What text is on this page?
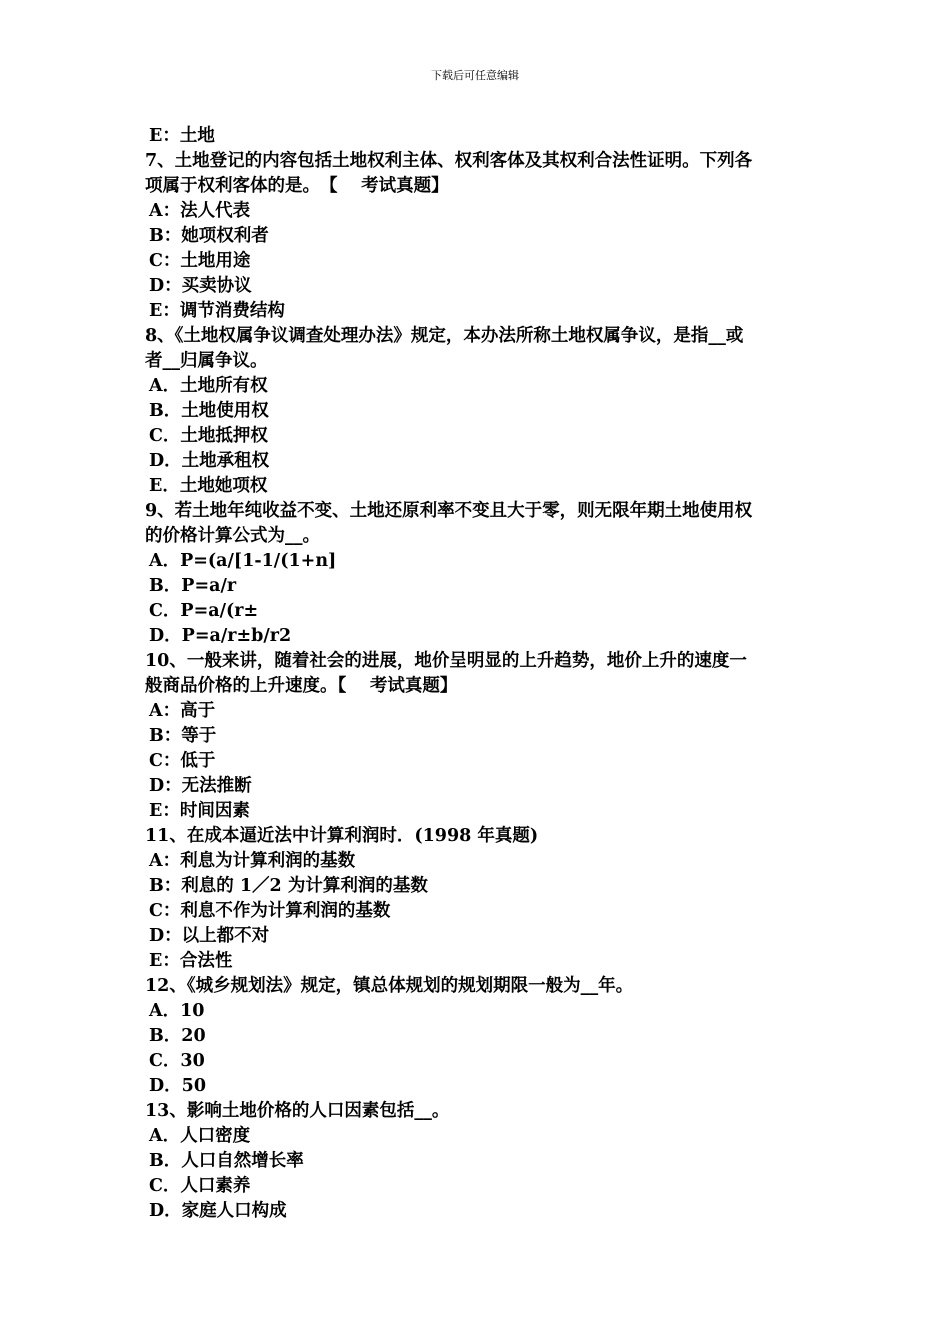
下载后可任意编辑
E：土地
7、土地登记的内容包括土地权利主体、权利客体及其权利合法性证明。下列各
项属于权利客体的是。　【　 考试真题】
A：法人代表
B：她项权利者
C：土地用途
D：买卖协议
E：调节消费结构
8、《土地权属争议调查处理办法》规定，本办法所称土地权属争议，是指__或
者__归属争议。
A．土地所有权
B．土地使用权
C．土地抵押权
D．土地承租权
E．土地她项权
9、若土地年纯收益不变、土地还原利率不变且大于零，则无限年期土地使用权
的价格计算公式为__。
A．P=(a/[1-1/(1+n]
B．P=a/r
C．P=a/(r±
D．P=a/r±b/r2
10、一般来讲，随着社会的进展，地价呈明显的上升趋势，地价上升的速度一
般商品价格的上升速度。【　 考试真题】
A：高于
B：等于
C：低于
D：无法推断
E：时间因素
11、在成本逼近法中计算利润时．(1998 年真题)
A：利息为计算利润的基数
B：利息的 1／2 为计算利润的基数
C：利息不作为计算利润的基数
D：以上都不对
E：合法性
12、《城乡规划法》规定，镇总体规划的规划期限一般为__年。
A．10
B．20
C．30
D．50
13、影响土地价格的人口因素包括__。
A．人口密度
B．人口自然增长率
C．人口素养
D．家庭人口构成
